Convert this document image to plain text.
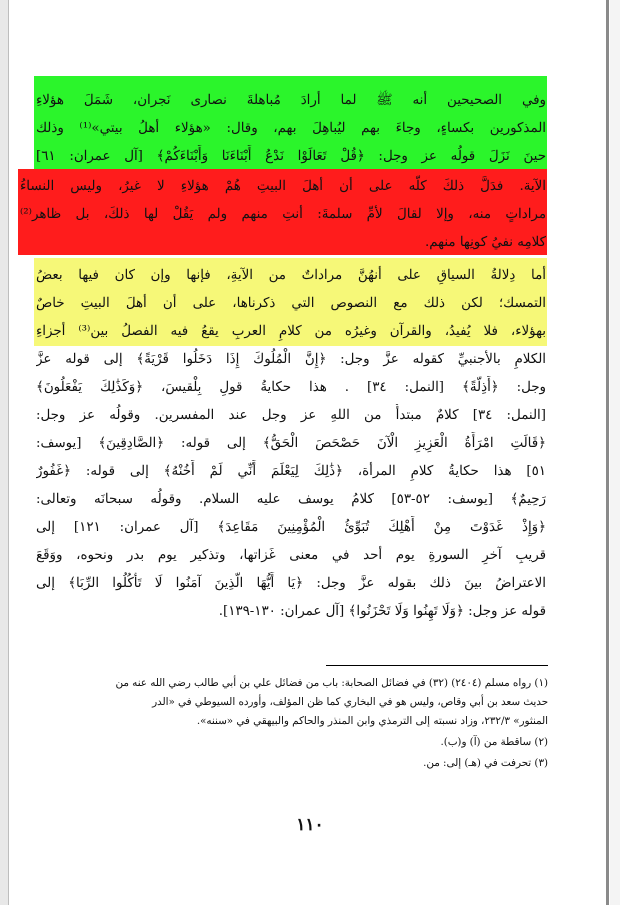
وفي الصحيحين أنه ﷺ لما أرادَ مُباهلةَ نصارى نَجران، شَمَلَ هؤلاءِ
المذكورين بكساءٍ، وجاءَ بهم ليُباهِلَ بهم، وقال: «هؤلاء أهلُ بيتي»⁽¹⁾ وذلك
حينَ نَزَلَ قولُه عز وجل: ﴿قُلْ تَعَالَوْا نَدْعُ أَبْنَاءَنَا وَأَبْنَاءَكُمْ﴾ [آل عمران: ٦١]
الآية. فدَلَّ ذلكَ كلُّه على أن أهلَ البيتِ هُمْ هؤلاءِ لا غيرُ، وليس النساءُ
مراداتٍ منه، وإلا لقالَ لأمِّ سلمةَ: أنتِ منهم ولم يَقُلْ لها ذلكَ، بل ظاهر⁽²⁾
كلامِه نفيُ كونِها منهم.
أما دِلالةُ السياقِ على أنهُنَّ مراداتٌ من الآيةِ، فإنها وإن كان فيها بعضُ
التمسك؛ لكن ذلك مع النصوص التي ذكرناها، على أن أهلَ البيتِ خاصٌ
بهؤلاء، فلا يُفيدُ، والقرآن وغيرُه من كلامِ العربِ يقعُ فيه الفصلُ بين⁽³⁾ أجزاءِ
الكلامِ بالأجنبيِّ كقوله عزَّ وجل: ﴿إِنَّ الْمُلُوكَ إِذَا دَخَلُوا قَرْيَةً﴾ إلى قوله عزَّ
وجل: ﴿أَذِلَّةً﴾ [النمل: ٣٤] . هذا حكايةُ قولِ بِلْقيسَ، ﴿وَكَذَٰلِكَ يَفْعَلُونَ﴾
[النمل: ٣٤] كلامٌ مبتدأٌ من اللهِ عز وجل عند المفسرين. وقولُه عز وجل:
﴿قَالَتِ امْرَأَةُ الْعَزِيزِ الْآنَ حَصْحَصَ الْحَقُّ﴾ إلى قوله: ﴿الصَّادِقِينَ﴾ [يوسف:
٥١] هذا حكايةُ كلامِ المرأة، ﴿ذَٰلِكَ لِيَعْلَمَ أَنِّي لَمْ أَخُنْهُ﴾ إلى قوله: ﴿غَفُورٌ
رَحِيمٌ﴾ [يوسف: ٥٢-٥٣] كلامُ يوسف عليه السلام. وقولُه سبحانَه وتعالى:
﴿وَإِذْ غَدَوْتَ مِنْ أَهْلِكَ تُبَوِّئُ الْمُؤْمِنِينَ مَقَاعِدَ﴾ [آل عمران: ١٢١] إلى
قريبِ آخرِ السورةِ يوم أحد في معنى غَزاتها، وتذكير يوم بدر ونحوه، ووَقَعَ
الاعتراضُ بينَ ذلك بقوله عزَّ وجل: ﴿يَا أَيُّهَا الَّذِينَ آمَنُوا لَا تَأْكُلُوا الرِّبَا﴾ إلى
قوله عز وجل: ﴿وَلَا تَهِنُوا وَلَا تَحْزَنُوا﴾ [آل عمران: ١٣٠-١٣٩].
(١) رواه مسلم (٢٤٠٤) (٣٢) في فضائل الصحابة: باب من فضائل علي بن أبي طالب رضي الله عنه من
حديث سعد بن أبي وقاص، وليس هو في البخاري كما ظن المؤلف، وأورده السيوطي في «الدر
المنثور» ٢٣٢/٣، وزاد نسبته إلى الترمذي وابن المنذر والحاكم والبيهقي في «سننه».
(٢) ساقطة من (آ) و(ب).
(٣) تحرفت في (هـ) إلى: من.
١١٠
